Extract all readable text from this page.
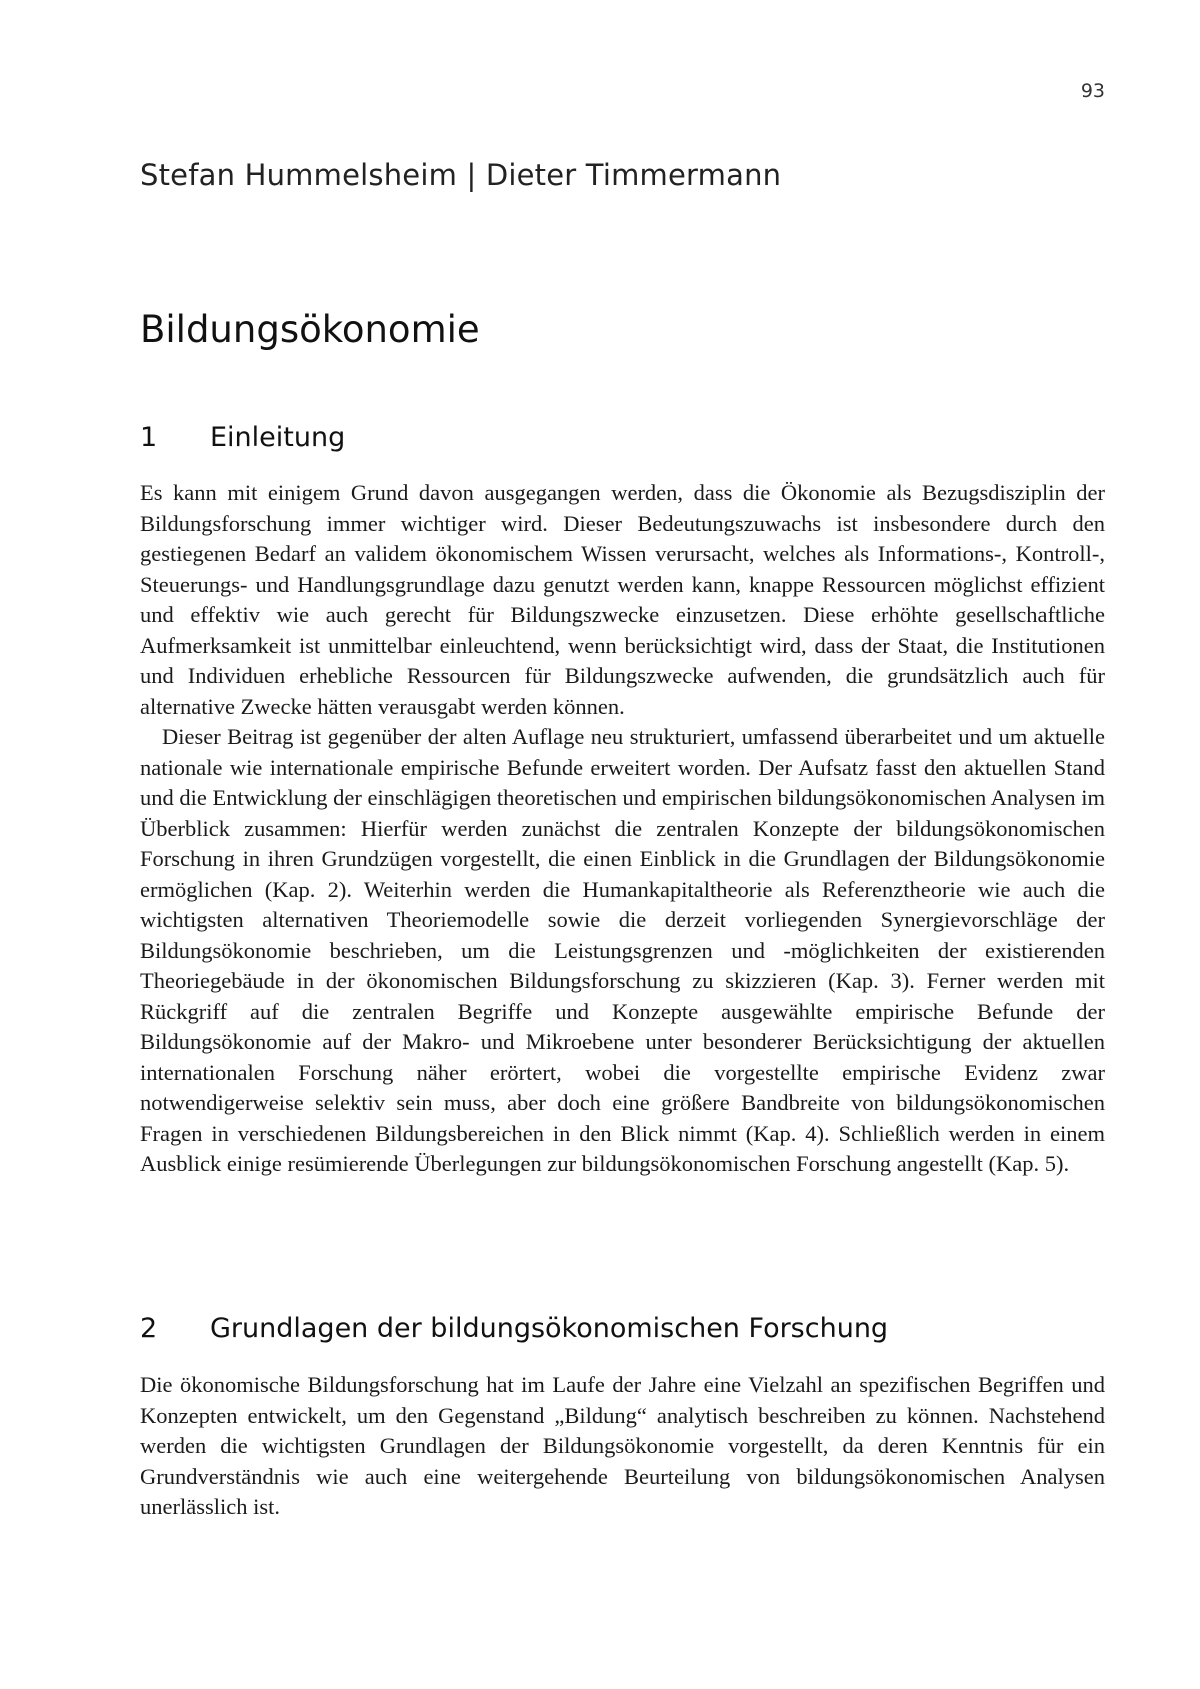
93
Stefan Hummelsheim | Dieter Timmermann
Bildungsökonomie
1 Einleitung

Es kann mit einigem Grund davon ausgegangen werden, dass die Ökonomie als Bezugsdisziplin der Bildungsforschung immer wichtiger wird. Dieser Bedeutungszuwachs ist insbesondere durch den gestiegenen Bedarf an validem ökonomischem Wissen verursacht, welches als Informations-, Kontroll-, Steuerungs- und Handlungsgrundlage dazu genutzt werden kann, knappe Ressourcen möglichst effizient und effektiv wie auch gerecht für Bildungszwecke einzusetzen. Diese erhöhte gesellschaftliche Aufmerksamkeit ist unmittelbar einleuchtend, wenn berücksichtigt wird, dass der Staat, die Institutionen und Individuen erhebliche Ressourcen für Bildungszwecke aufwenden, die grundsätzlich auch für alternative Zwecke hätten verausgabt werden können.

Dieser Beitrag ist gegenüber der alten Auflage neu strukturiert, umfassend überarbeitet und um aktuelle nationale wie internationale empirische Befunde erweitert worden. Der Aufsatz fasst den aktuellen Stand und die Entwicklung der einschlägigen theoretischen und empirischen bildungsökonomischen Analysen im Überblick zusammen: Hierfür werden zunächst die zentralen Konzepte der bildungsökonomischen Forschung in ihren Grundzügen vorgestellt, die einen Einblick in die Grundlagen der Bildungsökonomie ermöglichen (Kap. 2). Weiterhin werden die Humankapitaltheorie als Referenztheorie wie auch die wichtigsten alternativen Theoriemodelle sowie die derzeit vorliegenden Synergievorschläge der Bildungsökonomie beschrieben, um die Leistungsgrenzen und -möglichkeiten der existierenden Theoriegebäude in der ökonomischen Bildungsforschung zu skizzieren (Kap. 3). Ferner werden mit Rückgriff auf die zentralen Begriffe und Konzepte ausgewählte empirische Befunde der Bildungsökonomie auf der Makro- und Mikroebene unter besonderer Berücksichtigung der aktuellen internationalen Forschung näher erörtert, wobei die vorgestellte empirische Evidenz zwar notwendigerweise selektiv sein muss, aber doch eine größere Bandbreite von bildungsökonomischen Fragen in verschiedenen Bildungsbereichen in den Blick nimmt (Kap. 4). Schließlich werden in einem Ausblick einige resümierende Überlegungen zur bildungsökonomischen Forschung angestellt (Kap. 5).

2 Grundlagen der bildungsökonomischen Forschung

Die ökonomische Bildungsforschung hat im Laufe der Jahre eine Vielzahl an spezifischen Begriffen und Konzepten entwickelt, um den Gegenstand „Bildung“ analytisch beschreiben zu können. Nachstehend werden die wichtigsten Grundlagen der Bildungsökonomie vorgestellt, da deren Kenntnis für ein Grundverständnis wie auch eine weitergehende Beurteilung von bildungsökonomischen Analysen unerlässlich ist.
